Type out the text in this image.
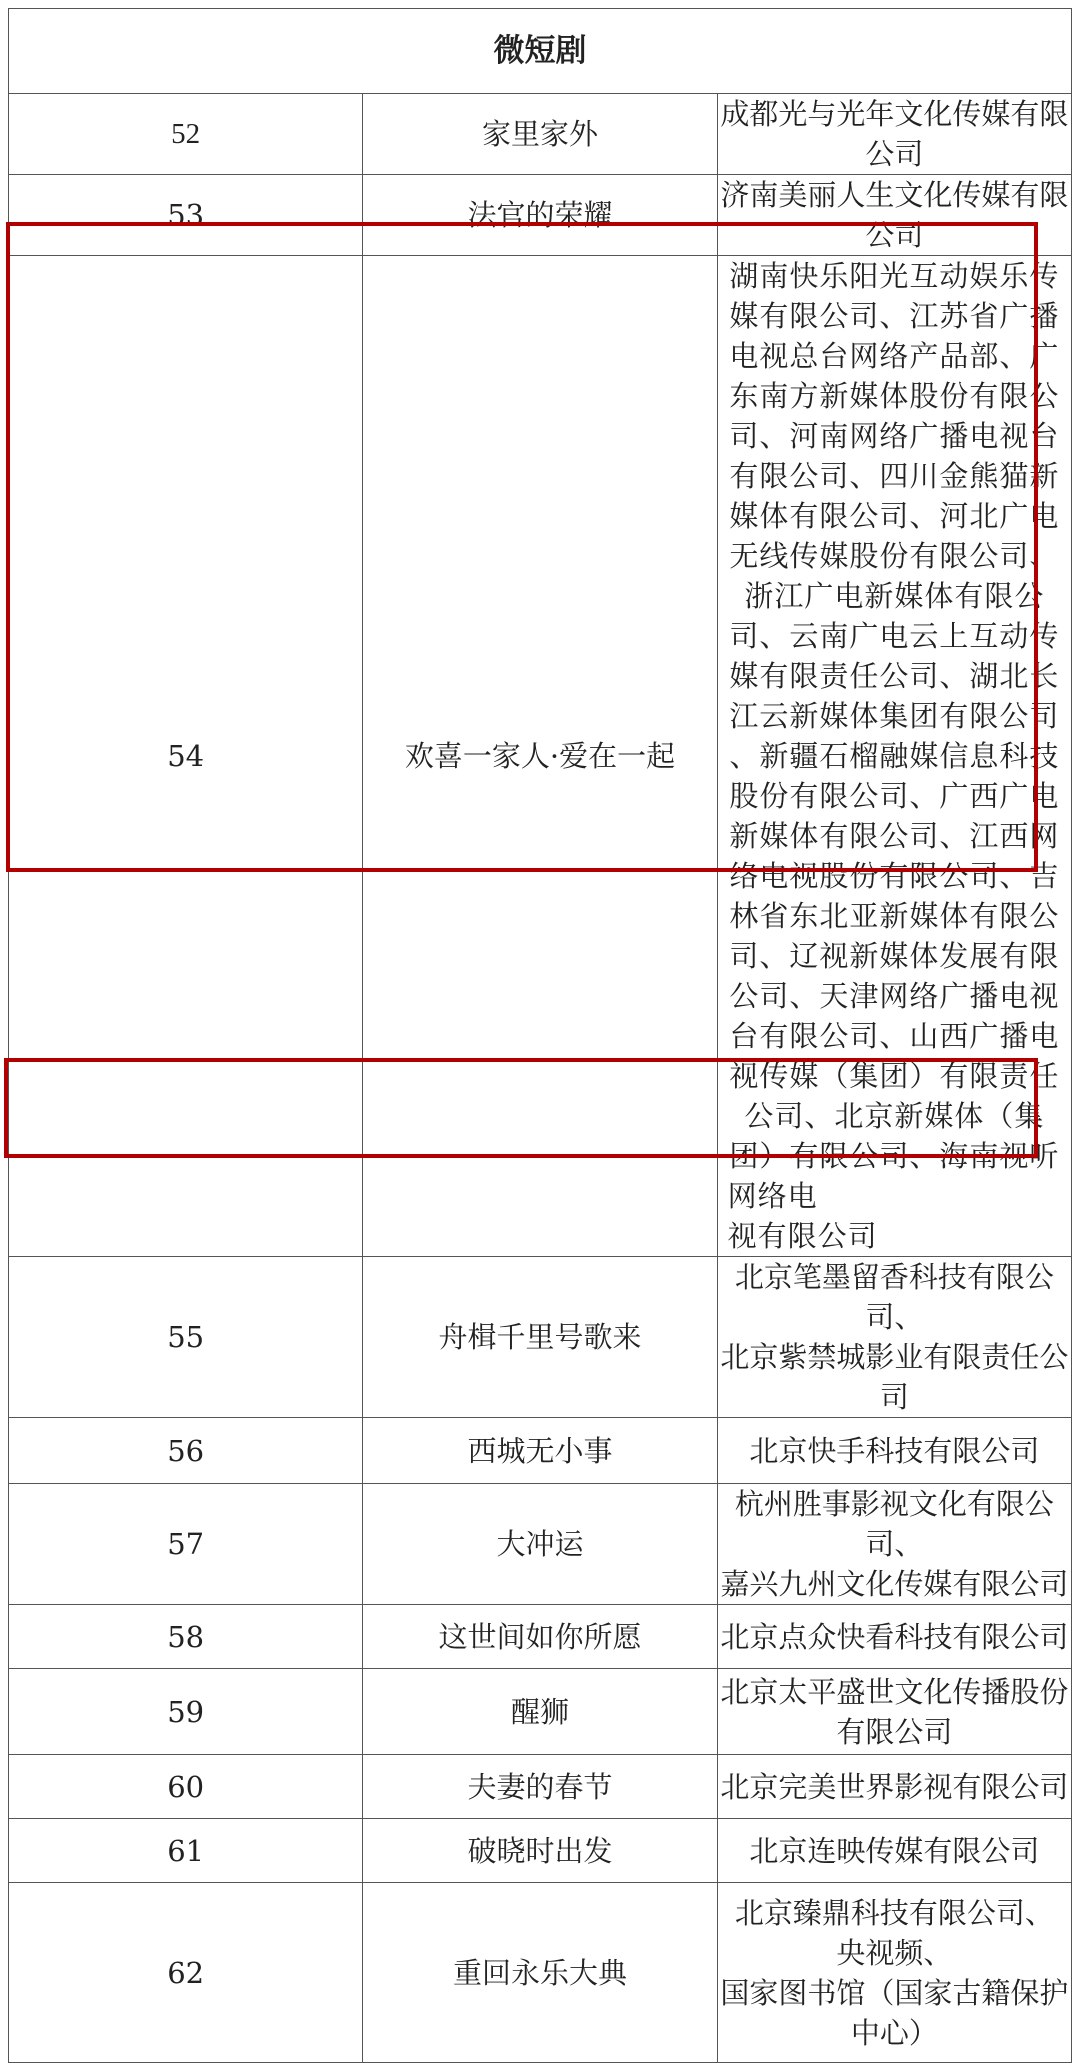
微短剧		
52	家里家外	成都光与光年文化传媒有限公司
53	法官的荣耀	济南美丽人生文化传媒有限公司
54	欢喜一家人·爱在一起	湖南快乐阳光互动娱乐传媒有限公司、江苏省广播电视总台网络产品部、广东南方新媒体股份有限公司、河南网络广播电视台有限公司、四川金熊猫新媒体有限公司、河北广电无线传媒股份有限公司、浙江广电新媒体有限公司、云南广电云上互动传媒有限责任公司、湖北长江云新媒体集团有限公司 、新疆石榴融媒信息科技股份有限公司、广西广电新媒体有限公司、江西网络电视股份有限公司、吉林省东北亚新媒体有限公司、辽视新媒体发展有限公司、天津网络广播电视台有限公司、山西广播电视传媒（集团）有限责任公司、北京新媒体（集团）有限公司、海南视听网络电
视有限公司

55	舟楫千里号歌来	北京笔墨留香科技有限公司、
北京紫禁城影业有限责任公司

56	西城无小事	北京快手科技有限公司
57	大冲运	杭州胜事影视文化有限公司、
嘉兴九州文化传媒有限公司

58	这世间如你所愿	北京点众快看科技有限公司
59	醒狮	北京太平盛世文化传播股份有限公司
60	夫妻的春节	北京完美世界影视有限公司
61	破晓时出发	北京连映传媒有限公司
62	重回永乐大典	北京臻鼎科技有限公司、
央视频、
国家图书馆（国家古籍保护中心）
